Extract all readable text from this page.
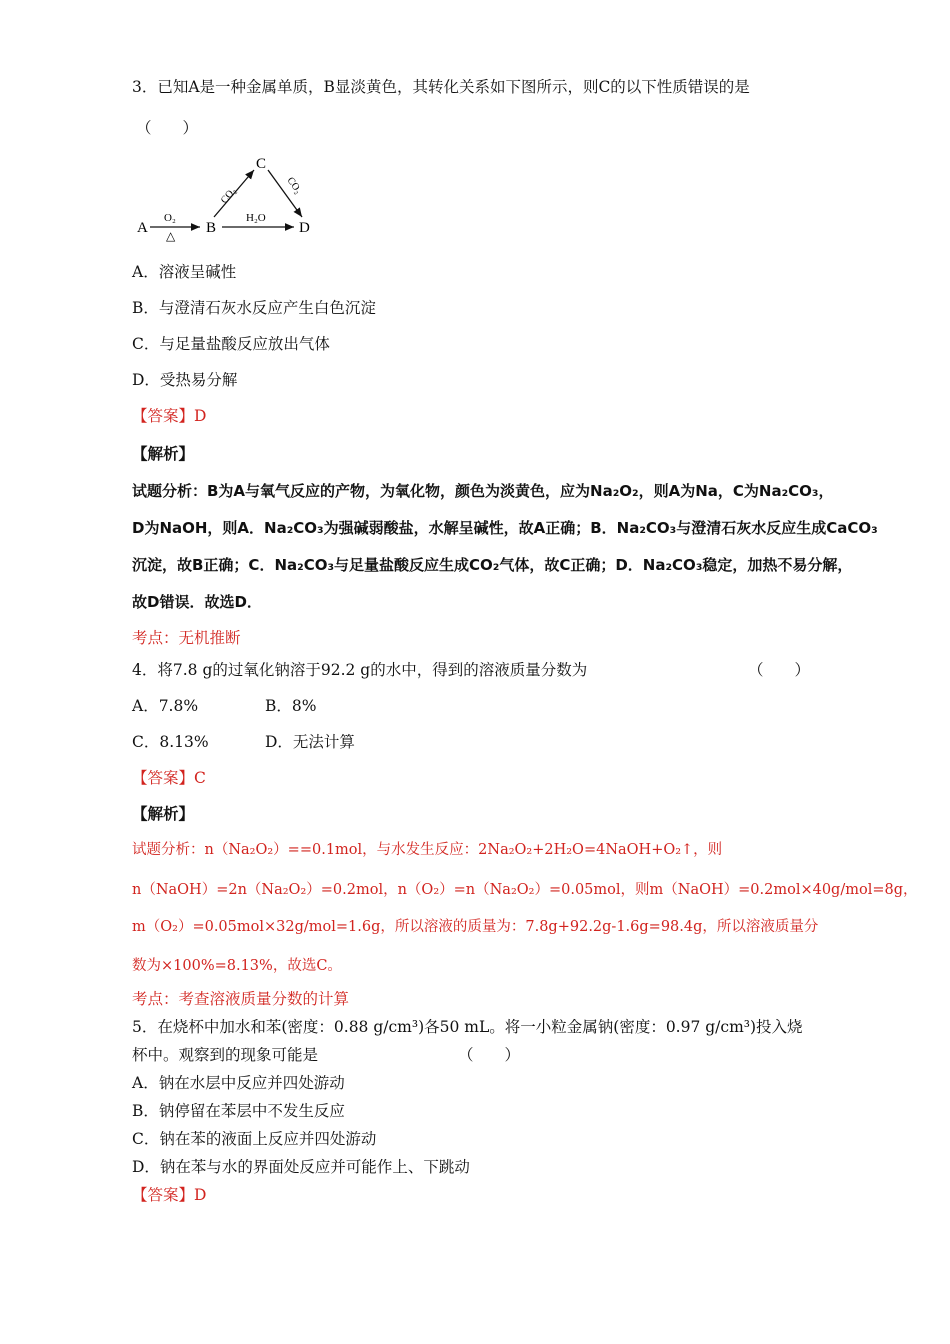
3．已知A是一种金属单质，B显淡黄色，其转化关系如下图所示，则C的以下性质错误的是
（　　）
A
O₂
△ B
H₂O
D
C
CO₂	CO₂
A．溶液呈碱性
B．与澄清石灰水反应产生白色沉淀
C．与足量盐酸反应放出气体
D．受热易分解
【答案】D
【解析】
试题分析：B为A与氧气反应的产物，为氧化物，颜色为淡黄色，应为Na₂O₂，则A为Na，C为Na₂CO₃，
D为NaOH，则A．Na₂CO₃为强碱弱酸盐，水解呈碱性，故A正确；B．Na₂CO₃与澄清石灰水反应生成CaCO₃
沉淀，故B正确；C．Na₂CO₃与足量盐酸反应生成CO₂气体，故C正确；D．Na₂CO₃稳定，加热不易分解，
故D错误．故选D．
考点：无机推断
4．将7.8 g的过氧化钠溶于92.2 g的水中，得到的溶液质量分数为	（　　）
A．7.8%	B．8%
C．8.13%	D．无法计算
【答案】C
【解析】
试题分析：n（Na₂O₂）==0.1mol，与水发生反应：2Na₂O₂+2H₂O=4NaOH+O₂↑，则
n（NaOH）=2n（Na₂O₂）=0.2mol，n（O₂）=n（Na₂O₂）=0.05mol，则m（NaOH）=0.2mol×40g/mol=8g，
m（O₂）=0.05mol×32g/mol=1.6g，所以溶液的质量为：7.8g+92.2g-1.6g=98.4g，所以溶液质量分
数为×100%=8.13%，故选C。
考点：考查溶液质量分数的计算
5．在烧杯中加水和苯(密度：0.88 g/cm³)各50 mL。将一小粒金属钠(密度：0.97 g/cm³)投入烧
杯中。观察到的现象可能是	（　　）
A．钠在水层中反应并四处游动
B．钠停留在苯层中不发生反应
C．钠在苯的液面上反应并四处游动
D．钠在苯与水的界面处反应并可能作上、下跳动
【答案】D
